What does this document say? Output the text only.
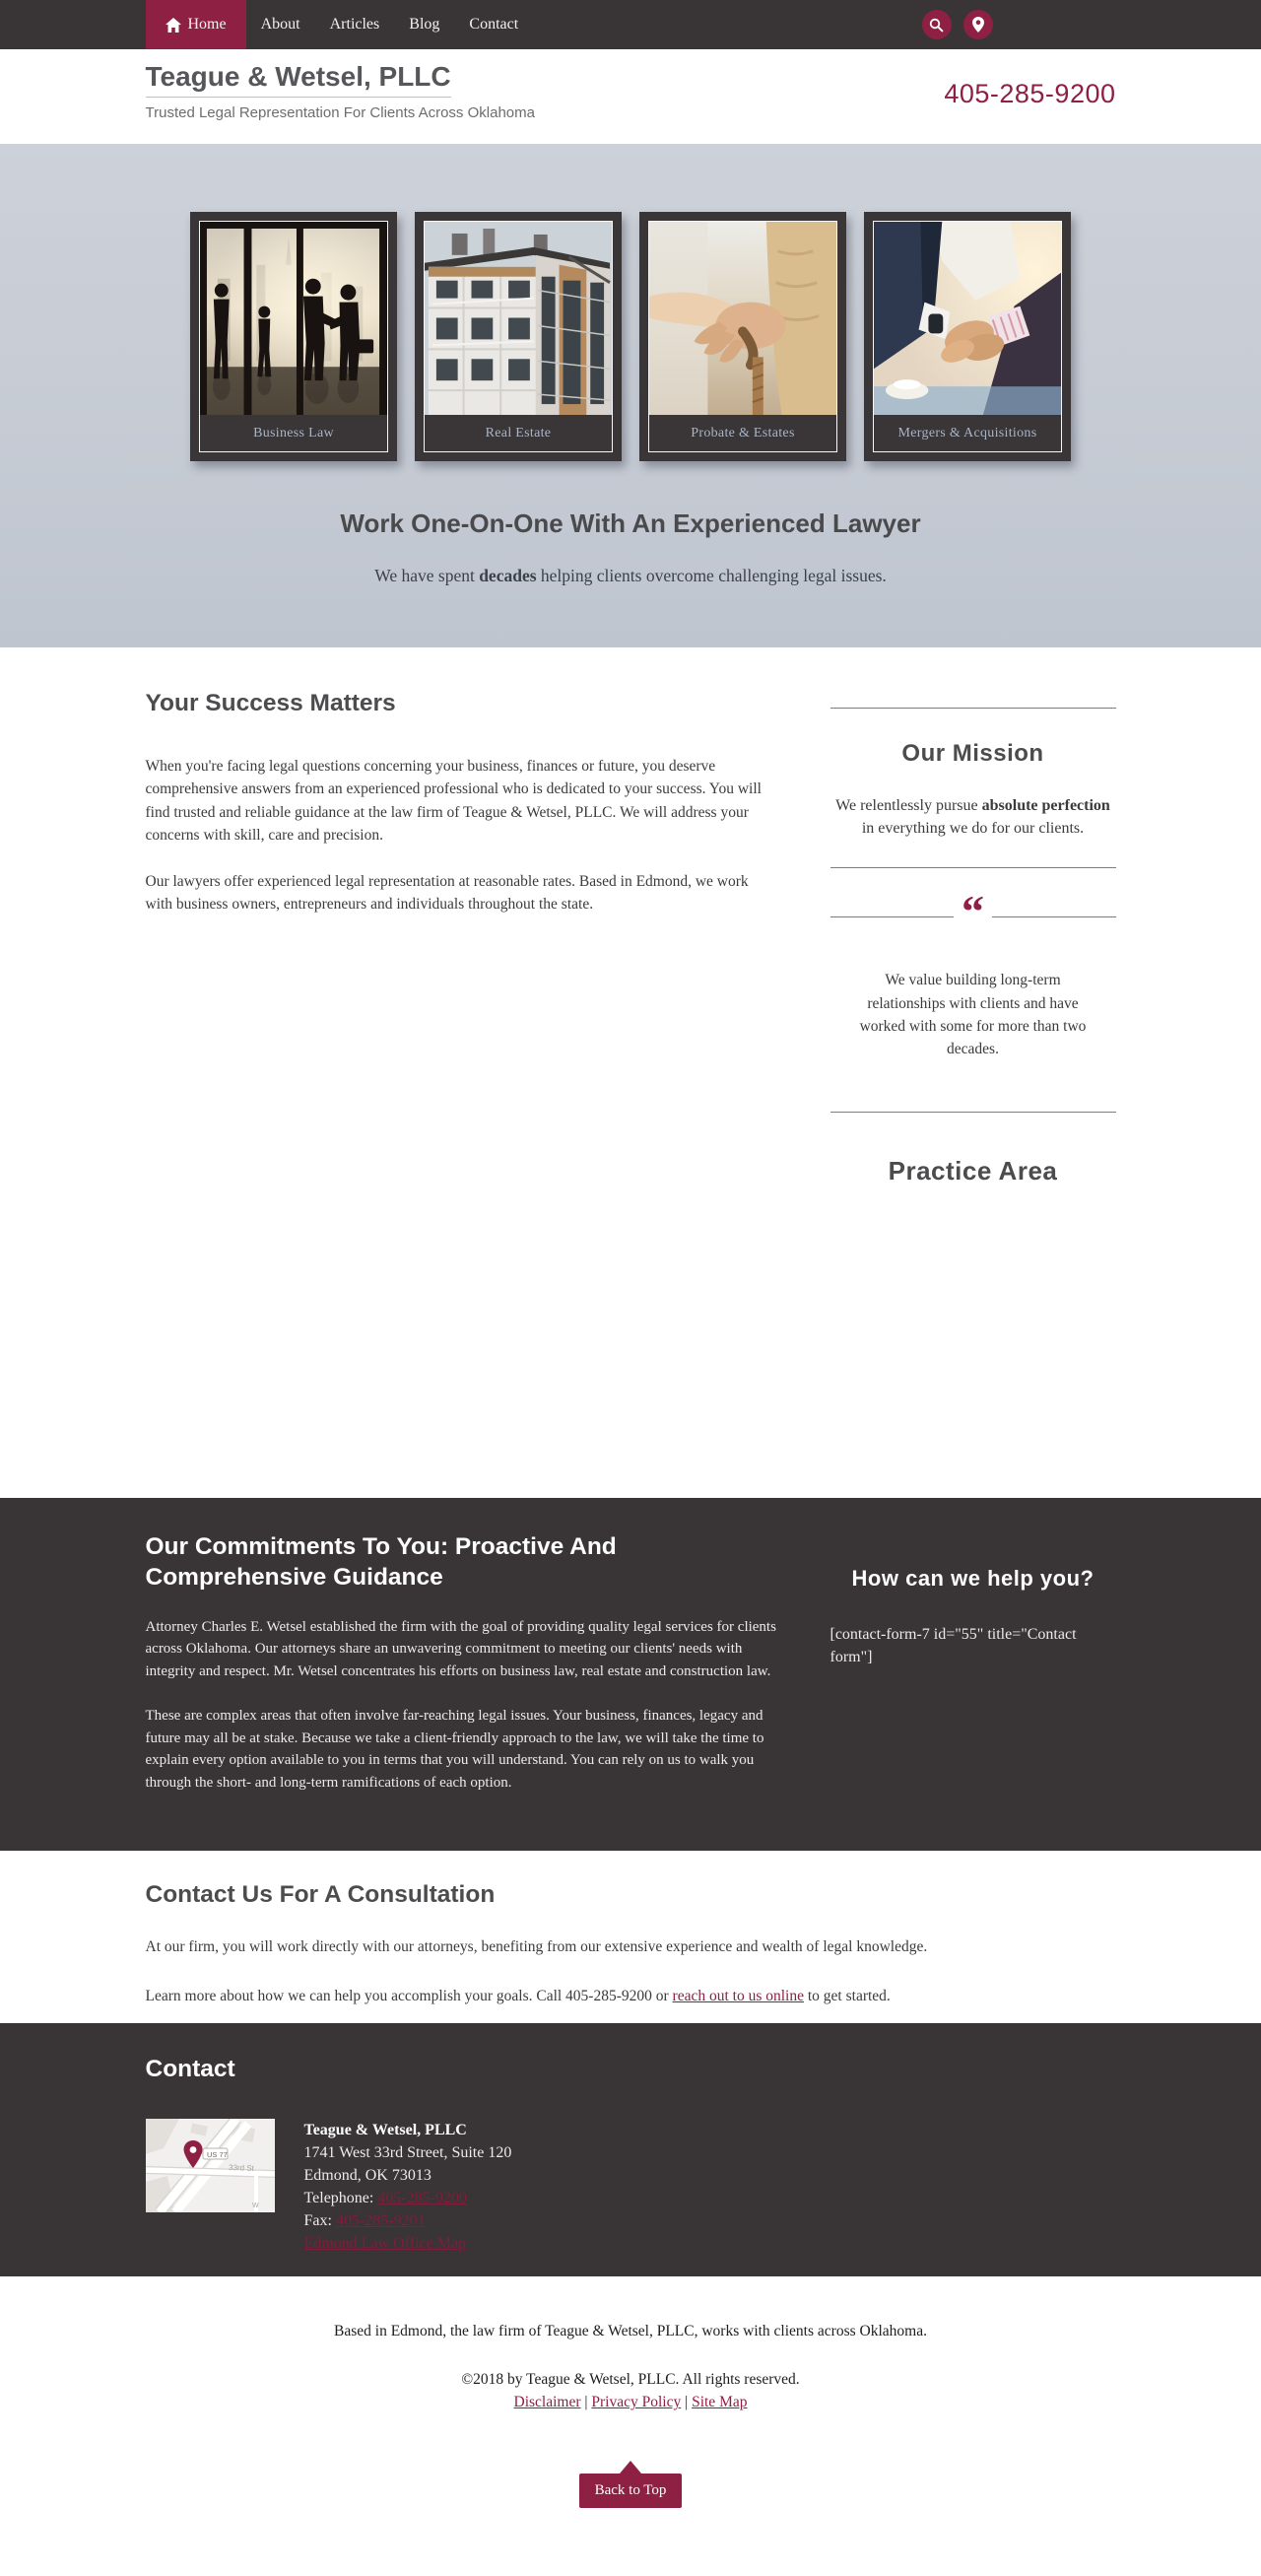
Home About Articles Blog Contact
Teague & Wetsel, PLLC
Trusted Legal Representation For Clients Across Oklahoma
405-285-9200
Business Law	Real Estate	Probate & Estates	Mergers & Acquisitions
Work One-On-One With An Experienced Lawyer
We have spent decades helping clients overcome challenging legal issues.
Your Success Matters

When you're facing legal questions concerning your business, finances or future, you deserve comprehensive answers from an experienced professional who is dedicated to your success. You will find trusted and reliable guidance at the law firm of Teague & Wetsel, PLLC. We will address your concerns with skill, care and precision.

Our lawyers offer experienced legal representation at reasonable rates. Based in Edmond, we work with business owners, entrepreneurs and individuals throughout the state.

Our Mission

We relentlessly pursue absolute perfection in everything we do for our clients.

“

We value building long-term relationships with clients and have worked with some for more than two decades.

Practice Area
Our Commitments To You: Proactive And Comprehensive Guidance

Attorney Charles E. Wetsel established the firm with the goal of providing quality legal services for clients across Oklahoma. Our attorneys share an unwavering commitment to meeting our clients' needs with integrity and respect. Mr. Wetsel concentrates his efforts on business law, real estate and construction law.

These are complex areas that often involve far-reaching legal issues. Your business, finances, legacy and future may all be at stake. Because we take a client-friendly approach to the law, we will take the time to explain every option available to you in terms that you will understand. You can rely on us to walk you through the short- and long-term ramifications of each option.

How can we help you?

[contact-form-7 id="55" title="Contact form"]

Contact Us For A Consultation

At our firm, you will work directly with our attorneys, benefiting from our extensive experience and wealth of legal knowledge.

Learn more about how we can help you accomplish your goals. Call 405-285-9200 or reach out to us online to get started.

Contact
US 77
33rd St
W
Teague & Wetsel, PLLC
1741 West 33rd Street, Suite 120
Edmond, OK 73013
Telephone: 405-285-9200
Fax: 405-285-9201
Edmond Law Office Map
Based in Edmond, the law firm of Teague & Wetsel, PLLC, works with clients across Oklahoma.
©2018 by Teague & Wetsel, PLLC. All rights reserved.
Disclaimer | Privacy Policy | Site Map
Back to Top
